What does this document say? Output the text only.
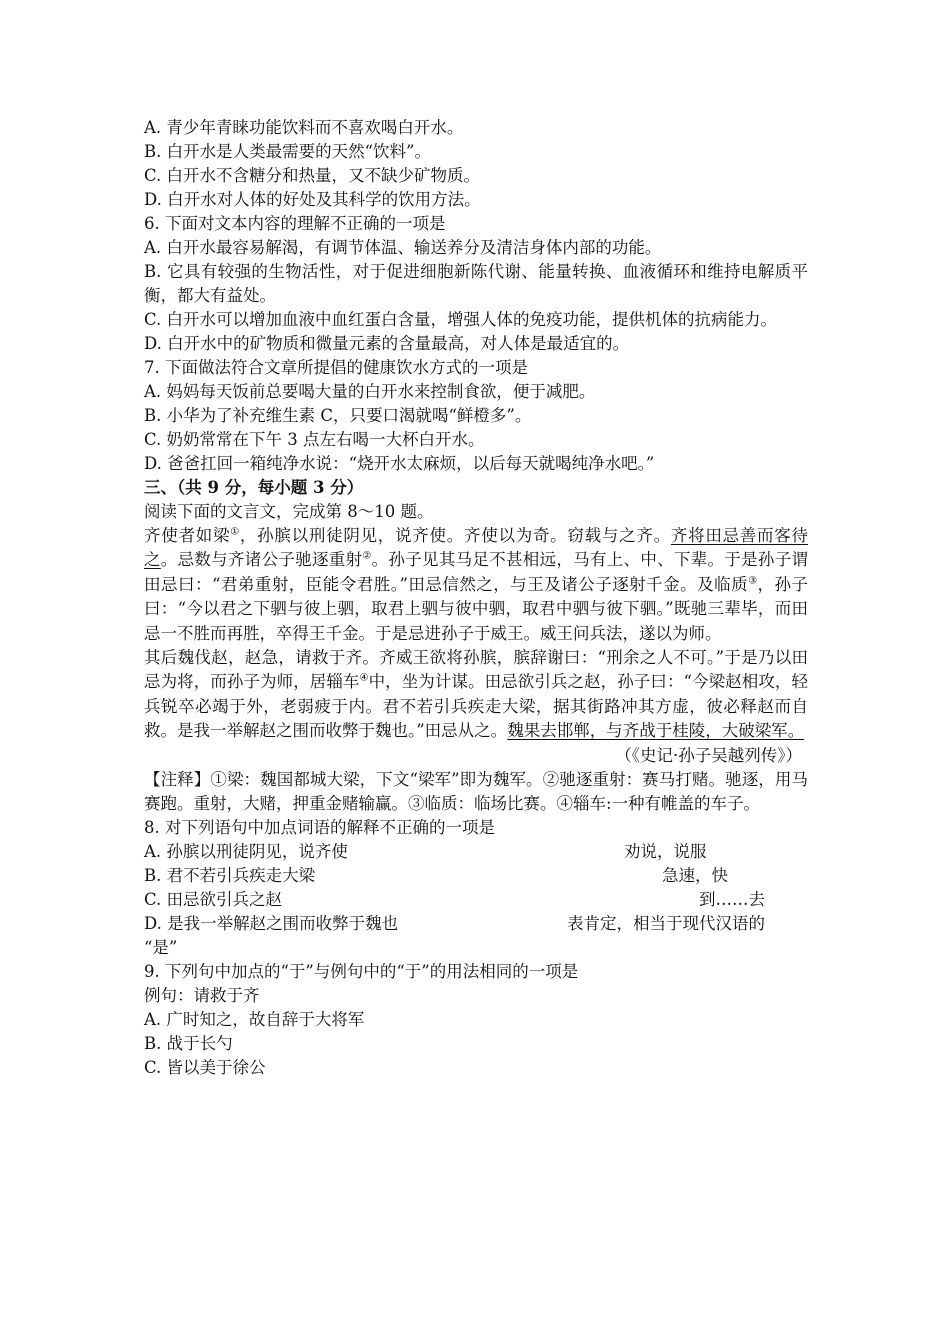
A. 青少年青睐功能饮料而不喜欢喝白开水。

B. 白开水是人类最需要的天然“饮料”。

C. 白开水不含糖分和热量，又不缺少矿物质。

D. 白开水对人体的好处及其科学的饮用方法。

6. 下面对文本内容的理解不正确的一项是

A. 白开水最容易解渴，有调节体温、输送养分及清洁身体内部的功能。

B. 它具有较强的生物活性，对于促进细胞新陈代谢、能量转换、血液循环和维持电解质平衡，都大有益处。

C. 白开水可以增加血液中血红蛋白含量，增强人体的免疫功能，提供机体的抗病能力。

D. 白开水中的矿物质和微量元素的含量最高，对人体是最适宜的。

7. 下面做法符合文章所提倡的健康饮水方式的一项是

A. 妈妈每天饭前总要喝大量的白开水来控制食欲，便于减肥。

B. 小华为了补充维生素 C，只要口渴就喝“鲜橙多”。

C. 奶奶常常在下午 3 点左右喝一大杯白开水。

D. 爸爸扛回一箱纯净水说：“烧开水太麻烦，以后每天就喝纯净水吧。”

三、（共 9 分，每小题 3 分）

阅读下面的文言文，完成第 8～10 题。

齐使者如梁①，孙膑以刑徒阴见，说齐使。齐使以为奇。窃载与之齐。齐将田忌善而客待之。忌数与齐诸公子驰逐重射②。孙子见其马足不甚相远，马有上、中、下辈。于是孙子谓田忌曰：“君弟重射，臣能令君胜。”田忌信然之，与王及诸公子逐射千金。及临质③，孙子曰：“今以君之下驷与彼上驷，取君上驷与彼中驷，取君中驷与彼下驷。”既驰三辈毕，而田忌一不胜而再胜，卒得王千金。于是忌进孙子于威王。威王问兵法，遂以为师。

其后魏伐赵，赵急，请救于齐。齐威王欲将孙膑，膑辞谢曰：“刑余之人不可。”于是乃以田忌为将，而孙子为师，居辎车④中，坐为计谋。田忌欲引兵之赵，孙子曰：“今梁赵相攻，轻兵锐卒必竭于外，老弱疲于内。君不若引兵疾走大梁，据其街路冲其方虚，彼必释赵而自救。是我一举解赵之围而收弊于魏也。”田忌从之。魏果去邯郸，与齐战于桂陵，大破梁军。

（《史记·孙子吴越列传》）

【注释】①梁：魏国都城大梁，下文“梁军”即为魏军。②驰逐重射：赛马打赌。驰逐，用马赛跑。重射，大赌，押重金赌输赢。③临质：临场比赛。④辎车:一种有帷盖的车子。

8. 对下列语句中加点词语的解释不正确的一项是

A. 孙膑以刑徒阴见，说齐使	劝说，说服
B. 君不若引兵疾走大梁	急速，快
C. 田忌欲引兵之赵	到……去
D. 是我一举解赵之围而收弊于魏也	表肯定，相当于现代汉语的

“是”

9. 下列句中加点的“于”与例句中的“于”的用法相同的一项是

例句：请救于齐

A. 广时知之，故自辞于大将军

B. 战于长勺

C. 皆以美于徐公
